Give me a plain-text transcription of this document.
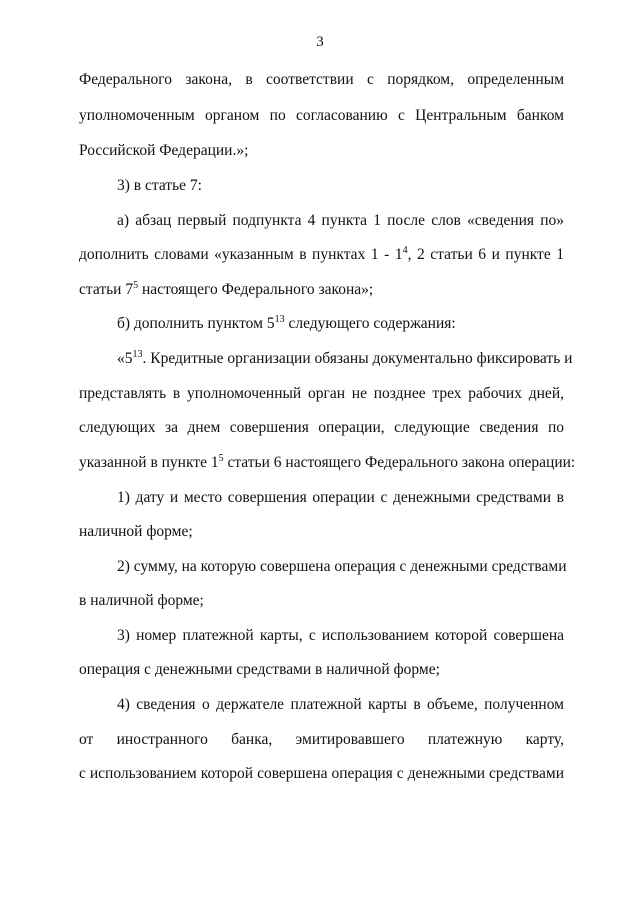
3
Федерального закона, в соответствии с порядком, определенным
уполномоченным органом по согласованию с Центральным банком
Российской Федерации.»;
3) в статье 7:
а) абзац первый подпункта 4 пункта 1 после слов «сведения по»
дополнить словами «указанным в пунктах $1 - 1^4$, 2 статьи 6 и пункте 1
статьи $7^5$ настоящего Федерального закона»;
б) дополнить пунктом $5^{13}$ следующего содержания:
«$5^{13}$. Кредитные организации обязаны документально фиксировать и
представлять в уполномоченный орган не позднее трех рабочих дней,
следующих за днем совершения операции, следующие сведения по
указанной в пункте $1^5$ статьи 6 настоящего Федерального закона операции:
1) дату и место совершения операции с денежными средствами в
наличной форме;
2) сумму, на которую совершена операция с денежными средствами
в наличной форме;
3) номер платежной карты, с использованием которой совершена
операция с денежными средствами в наличной форме;
4) сведения о держателе платежной карты в объеме, полученном
от иностранного банка, эмитировавшего платежную карту,
с использованием которой совершена операция с денежными средствами
